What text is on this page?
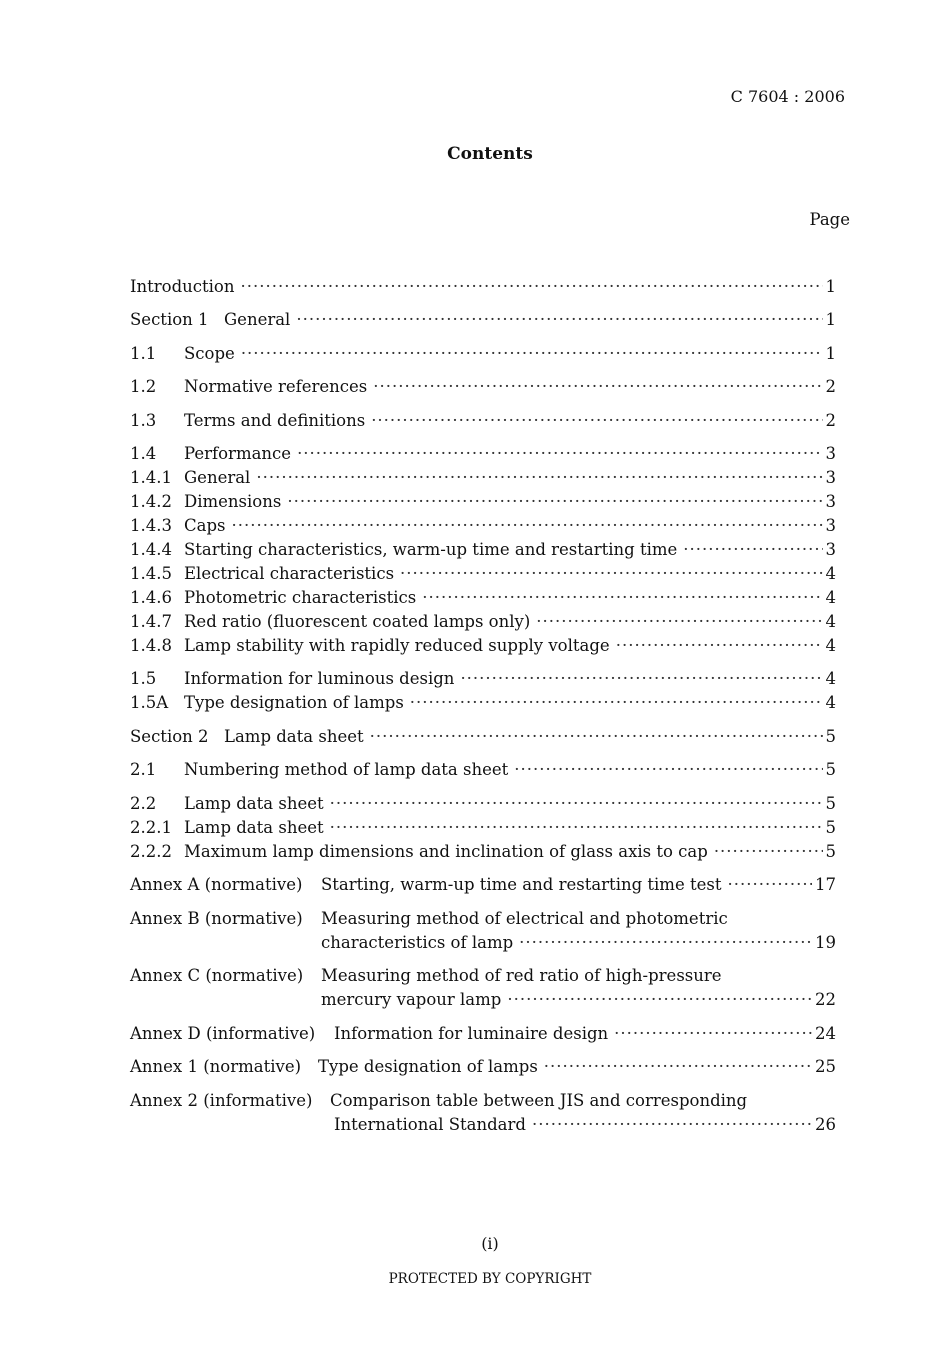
C 7604 : 2006
Contents
Page
Introduction ·····	1
Section 1 General ·····	1
1.1	Scope ·····	1
1.2	Normative references ·····	2
1.3	Terms and definitions ·····	2
1.4	Performance ·····	3
1.4.1 General ·····	3
1.4.2 Dimensions ·····	3
1.4.3 Caps ·····	3
1.4.4 Starting characteristics, warm-up time and restarting time ·····	3
1.4.5 Electrical characteristics ·····	4
1.4.6 Photometric characteristics ·····	4
1.4.7 Red ratio (fluorescent coated lamps only) ·····	4
1.4.8 Lamp stability with rapidly reduced supply voltage ·····	4
1.5	Information for luminous design ·····	4
1.5A Type designation of lamps ·····	4
Section 2 Lamp data sheet ·····	5
2.1	Numbering method of lamp data sheet ·····	5
2.2	Lamp data sheet ·····	5
2.2.1 Lamp data sheet ·····	5
2.2.2 Maximum lamp dimensions and inclination of glass axis to cap ·····	5
Annex A (normative)	Starting, warm-up time and restarting time test ·····	17
Annex B (normative) Measuring method of electrical and photometric
characteristics of lamp ·····	19
Annex C (normative) Measuring method of red ratio of high-pressure
mercury vapour lamp ·····	22
Annex D (informative)	Information for luminaire design ·····	24
Annex 1 (normative)	Type designation of lamps ·····	25
Annex 2 (informative) Comparison table between JIS and corresponding
International Standard ·····	26
(i)
PROTECTED BY COPYRIGHT
